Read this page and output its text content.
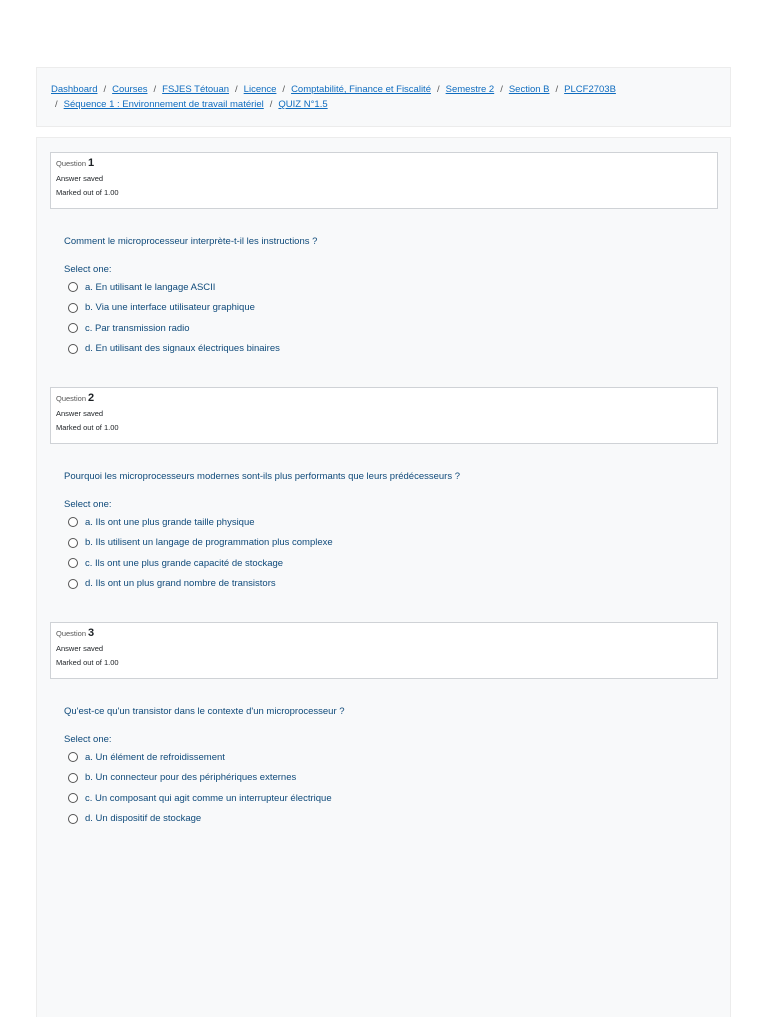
Dashboard / Courses / FSJES Tétouan / Licence / Comptabilité, Finance et Fiscalité / Semestre 2 / Section B / PLCF2703B
/ Séquence 1 : Environnement de travail matériel / QUIZ N°1.5
Question 1
Answer saved
Marked out of 1.00
Comment le microprocesseur interprète-t-il les instructions ?
Select one:
a. En utilisant le langage ASCII
b. Via une interface utilisateur graphique
c. Par transmission radio
d. En utilisant des signaux électriques binaires
Question 2
Answer saved
Marked out of 1.00
Pourquoi les microprocesseurs modernes sont-ils plus performants que leurs prédécesseurs ?
Select one:
a. Ils ont une plus grande taille physique
b. Ils utilisent un langage de programmation plus complexe
c. Ils ont une plus grande capacité de stockage
d. Ils ont un plus grand nombre de transistors
Question 3
Answer saved
Marked out of 1.00
Qu'est-ce qu'un transistor dans le contexte d'un microprocesseur ?
Select one:
a. Un élément de refroidissement
b. Un connecteur pour des périphériques externes
c. Un composant qui agit comme un interrupteur électrique
d. Un dispositif de stockage
